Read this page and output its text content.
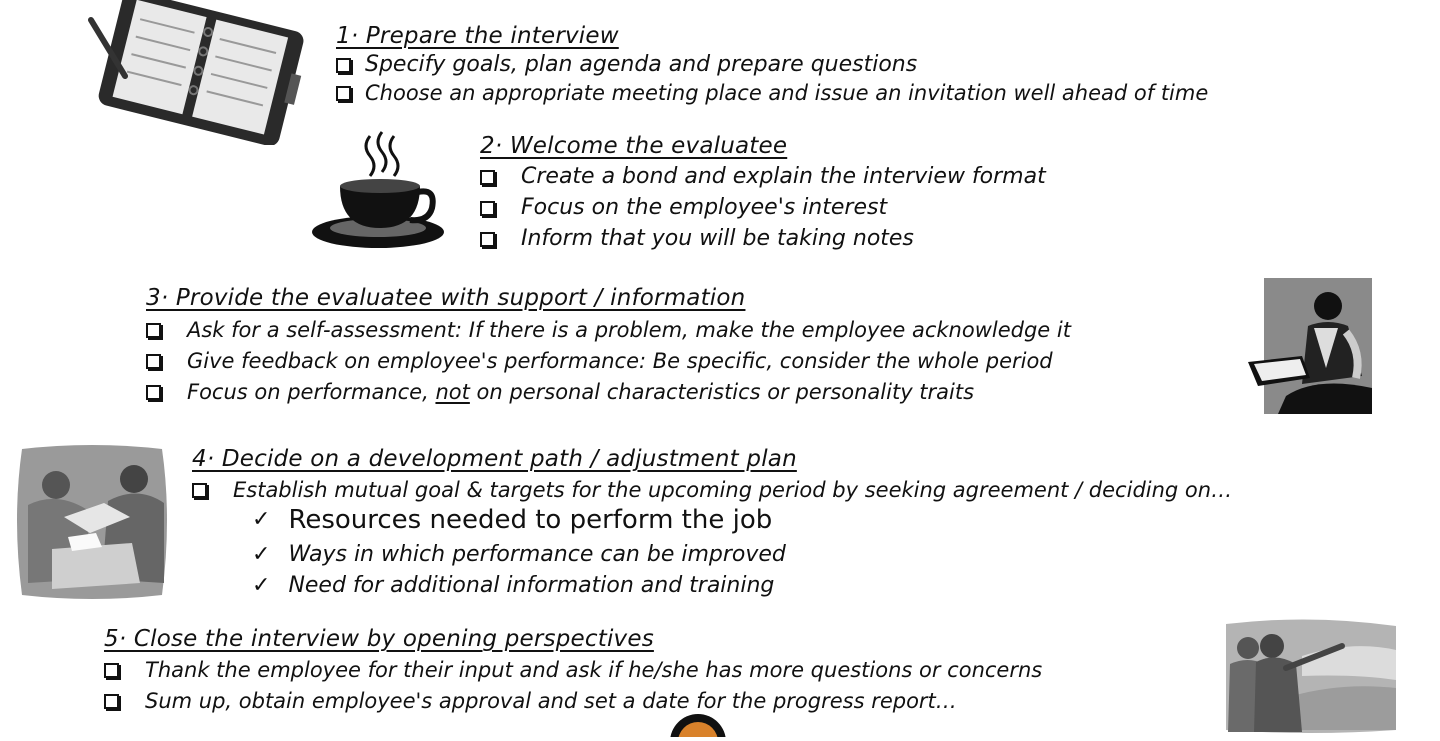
1· Prepare the interview
Specify goals, plan agenda and prepare questions
Choose an appropriate meeting place and issue an invitation well ahead of time
2· Welcome the evaluatee
Create a bond and explain the interview format
Focus on the employee's interest
Inform that you will be taking notes
3· Provide the evaluatee with support / information
Ask for a self-assessment: If there is a problem, make the employee acknowledge it
Give feedback on employee's performance: Be specific, consider the whole period
Focus on performance, not on personal characteristics or personality traits
4· Decide on a development path / adjustment plan
Establish mutual goal & targets for the upcoming period by seeking agreement / deciding on…
✓ Resources needed to perform the job
✓ Ways in which performance can be improved
✓ Need for additional information and training
5· Close the interview by opening perspectives
Thank the employee for their input and ask if he/she has more questions or concerns
Sum up, obtain employee's approval and set a date for the progress report…
